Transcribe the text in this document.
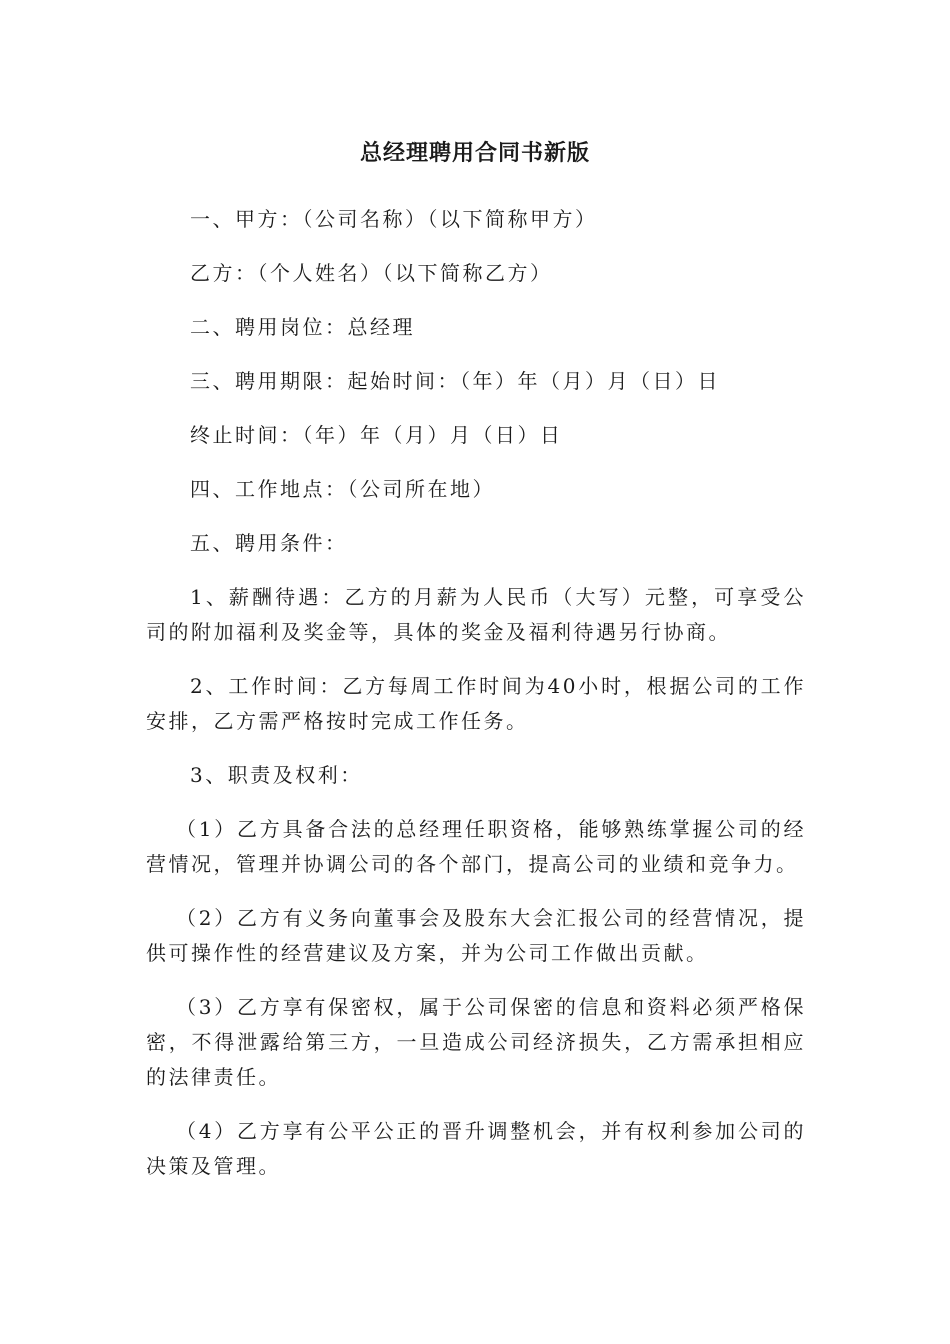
总经理聘用合同书新版
一、甲方：（公司名称）（以下简称甲方）
乙方：（个人姓名）（以下简称乙方）
二、聘用岗位：总经理
三、聘用期限：起始时间：（年）年（月）月（日）日
终止时间：（年）年（月）月（日）日
四、工作地点：（公司所在地）
五、聘用条件：

1、薪酬待遇：乙方的月薪为人民币（大写）元整，可享受公司的附加福利及奖金等，具体的奖金及福利待遇另行协商。

2、工作时间：乙方每周工作时间为40小时，根据公司的工作安排，乙方需严格按时完成工作任务。

3、职责及权利：

（1）乙方具备合法的总经理任职资格，能够熟练掌握公司的经营情况，管理并协调公司的各个部门，提高公司的业绩和竞争力。

（2）乙方有义务向董事会及股东大会汇报公司的经营情况，提供可操作性的经营建议及方案，并为公司工作做出贡献。

（3）乙方享有保密权，属于公司保密的信息和资料必须严格保密，不得泄露给第三方，一旦造成公司经济损失，乙方需承担相应的法律责任。

（4）乙方享有公平公正的晋升调整机会，并有权利参加公司的决策及管理。
